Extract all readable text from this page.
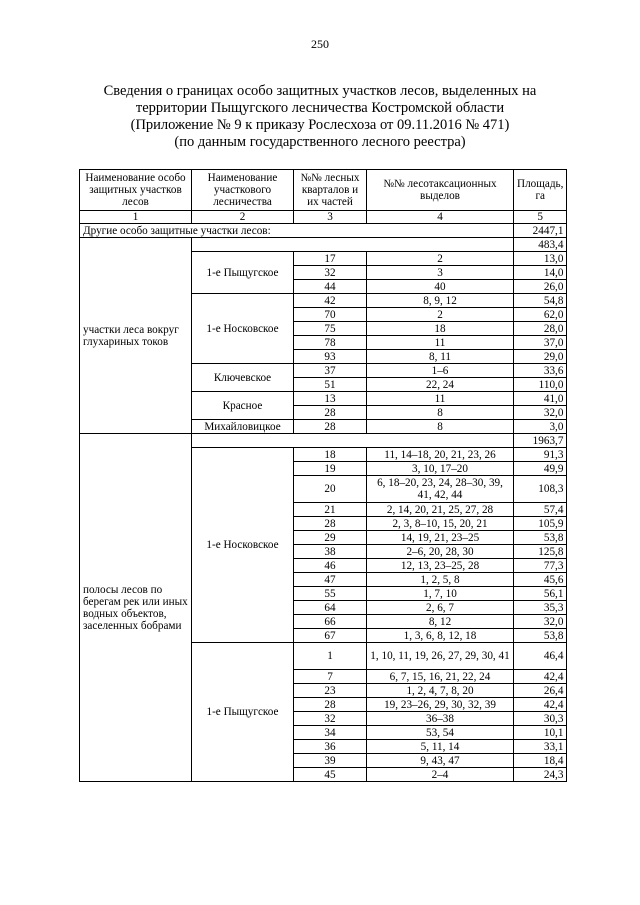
250
Сведения о границах особо защитных участков лесов, выделенных на
территории Пыщугского лесничества Костромской области
(Приложение № 9 к приказу Рослесхоза от 09.11.2016 № 471)
(по данным государственного лесного реестра)
Наименование особо защитных участков лесов	Наименование участкового лесничества	№№ лесных кварталов и их частей	№№ лесотаксационных выделов	Площадь, га
1	2	3	4	5
Другие особо защитные участки лесов:				2447,1
участки леса вокруг глухариных токов				483,4
	1-е Пыщугское	17	2	13,0
		32	3	14,0
		44	40	26,0
	1-е Носковское	42	8, 9, 12	54,8
		70	2	62,0
		75	18	28,0
		78	11	37,0
		93	8, 11	29,0
	Ключевское	37	1–6	33,6
		51	22, 24	110,0
	Красное	13	11	41,0
		28	8	32,0
	Михайловицкое	28	8	3,0
полосы лесов по берегам рек или иных водных объектов, заселенных бобрами				1963,7
	1-е Носковское	18	11, 14–18, 20, 21, 23, 26	91,3
		19	3, 10, 17–20	49,9
		20	6, 18–20, 23, 24, 28–30, 39, 41, 42, 44	108,3
		21	2, 14, 20, 21, 25, 27, 28	57,4
		28	2, 3, 8–10, 15, 20, 21	105,9
		29	14, 19, 21, 23–25	53,8
		38	2–6, 20, 28, 30	125,8
		46	12, 13, 23–25, 28	77,3
		47	1, 2, 5, 8	45,6
		55	1, 7, 10	56,1
		64	2, 6, 7	35,3
		66	8, 12	32,0
		67	1, 3, 6, 8, 12, 18	53,8
	1-е Пыщугское	1	1, 10, 11, 19, 26, 27, 29, 30, 41	46,4
		7	6, 7, 15, 16, 21, 22, 24	42,4
		23	1, 2, 4, 7, 8, 20	26,4
		28	19, 23–26, 29, 30, 32, 39	42,4
		32	36–38	30,3
		34	53, 54	10,1
		36	5, 11, 14	33,1
		39	9, 43, 47	18,4
		45	2–4	24,3
